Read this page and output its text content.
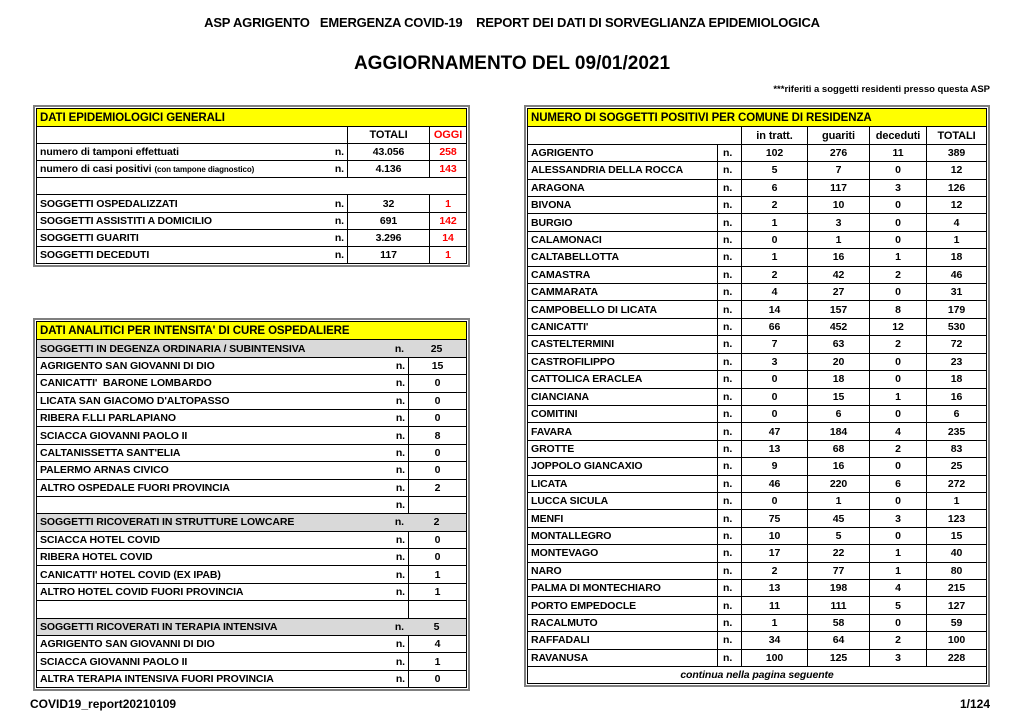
ASP AGRIGENTO   EMERGENZA COVID-19    REPORT DEI DATI DI SORVEGLIANZA EPIDEMIOLOGICA
AGGIORNAMENTO DEL 09/01/2021
***riferiti a soggetti residenti presso questa ASP
DATI EPIDEMIOLOGICI GENERALI
TOTALI	OGGI
numero di tamponi effettuati	n.	43.056	258
numero di casi positivi (con tampone diagnostico)	n.	4.136	143
SOGGETTI OSPEDALIZZATI	n.	32	1
SOGGETTI ASSISTITI A DOMICILIO	n.	691	142
SOGGETTI GUARITI	n.	3.296	14
SOGGETTI DECEDUTI	n.	117	1
DATI ANALITICI PER INTENSITA' DI CURE OSPEDALIERE
SOGGETTI IN DEGENZA ORDINARIA / SUBINTENSIVA	n.	25
AGRIGENTO SAN GIOVANNI DI DIO	n.	15
CANICATTI'  BARONE LOMBARDO	n.	0
LICATA SAN GIACOMO D'ALTOPASSO	n.	0
RIBERA F.LLI PARLAPIANO	n.	0
SCIACCA GIOVANNI PAOLO II	n.	8
CALTANISSETTA SANT'ELIA	n.	0
PALERMO ARNAS CIVICO	n.	0
ALTRO OSPEDALE FUORI PROVINCIA	n.	2
n.
SOGGETTI RICOVERATI IN STRUTTURE LOWCARE	n.	2
SCIACCA HOTEL COVID	n.	0
RIBERA HOTEL COVID	n.	0
CANICATTI' HOTEL COVID (EX IPAB)	n.	1
ALTRO HOTEL COVID FUORI PROVINCIA	n.	1
SOGGETTI RICOVERATI IN TERAPIA INTENSIVA	n.	5
AGRIGENTO SAN GIOVANNI DI DIO	n.	4
SCIACCA GIOVANNI PAOLO II	n.	1
ALTRA TERAPIA INTENSIVA FUORI PROVINCIA	n.	0
NUMERO DI SOGGETTI POSITIVI PER COMUNE DI RESIDENZA
in tratt.	guariti	deceduti	TOTALI
AGRIGENTO	n.	102	276	11	389
ALESSANDRIA DELLA ROCCA	n.	5	7	0	12
ARAGONA	n.	6	117	3	126
BIVONA	n.	2	10	0	12
BURGIO	n.	1	3	0	4
CALAMONACI	n.	0	1	0	1
CALTABELLOTTA	n.	1	16	1	18
CAMASTRA	n.	2	42	2	46
CAMMARATA	n.	4	27	0	31
CAMPOBELLO DI LICATA	n.	14	157	8	179
CANICATTI'	n.	66	452	12	530
CASTELTERMINI	n.	7	63	2	72
CASTROFILIPPO	n.	3	20	0	23
CATTOLICA ERACLEA	n.	0	18	0	18
CIANCIANA	n.	0	15	1	16
COMITINI	n.	0	6	0	6
FAVARA	n.	47	184	4	235
GROTTE	n.	13	68	2	83
JOPPOLO GIANCAXIO	n.	9	16	0	25
LICATA	n.	46	220	6	272
LUCCA SICULA	n.	0	1	0	1
MENFI	n.	75	45	3	123
MONTALLEGRO	n.	10	5	0	15
MONTEVAGO	n.	17	22	1	40
NARO	n.	2	77	1	80
PALMA DI MONTECHIARO	n.	13	198	4	215
PORTO EMPEDOCLE	n.	11	111	5	127
RACALMUTO	n.	1	58	0	59
RAFFADALI	n.	34	64	2	100
RAVANUSA	n.	100	125	3	228
continua nella pagina seguente
COVID19_report20210109	1/124
